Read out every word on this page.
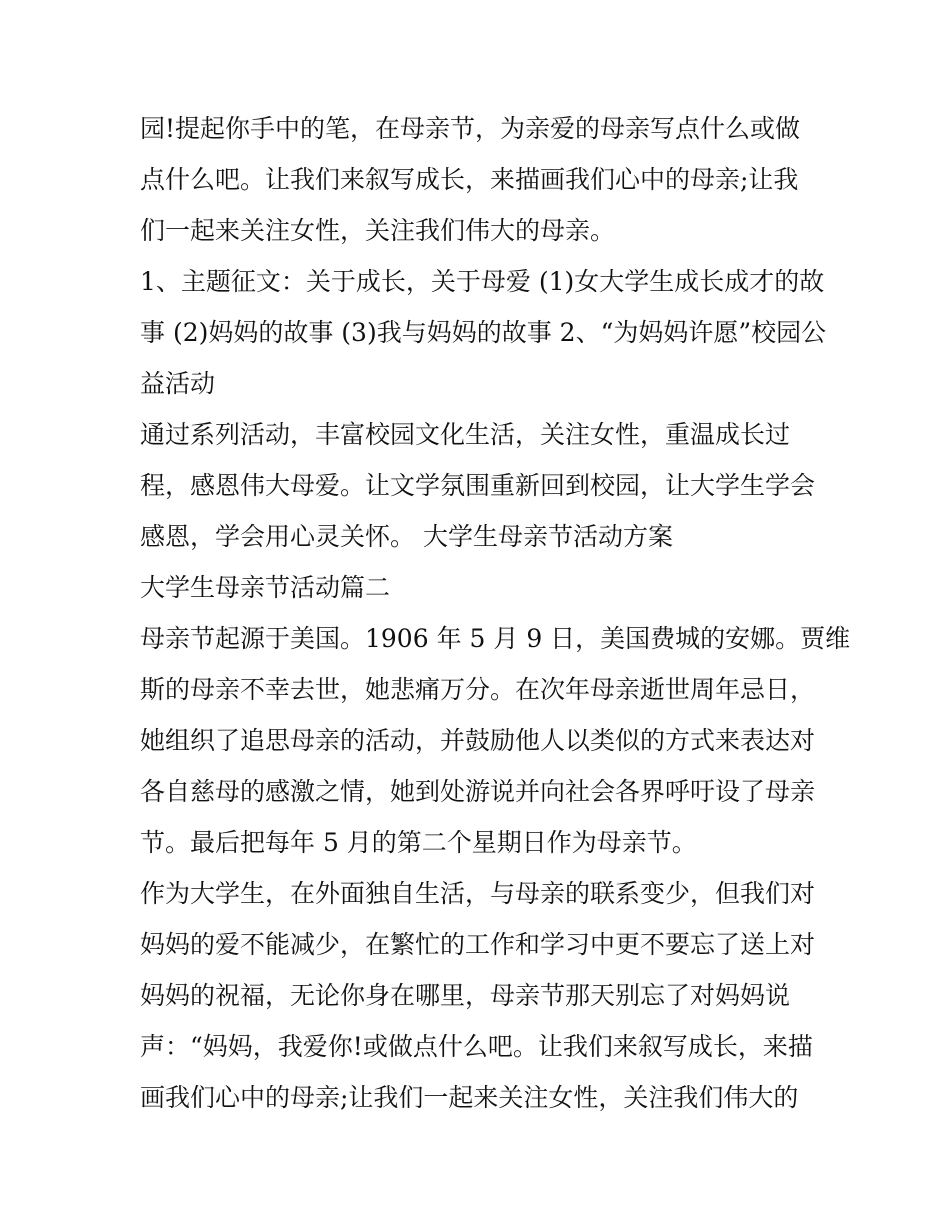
园!提起你手中的笔，在母亲节，为亲爱的母亲写点什么或做
点什么吧。让我们来叙写成长，来描画我们心中的母亲;让我
们一起来关注女性，关注我们伟大的母亲。
1、主题征文：关于成长，关于母爱 (1)女大学生成长成才的故
事 (2)妈妈的故事 (3)我与妈妈的故事 2、“为妈妈许愿”校园公
益活动
通过系列活动，丰富校园文化生活，关注女性，重温成长过
程，感恩伟大母爱。让文学氛围重新回到校园，让大学生学会
感恩，学会用心灵关怀。 大学生母亲节活动方案
大学生母亲节活动篇二
母亲节起源于美国。1906 年 5 月 9 日，美国费城的安娜。贾维
斯的母亲不幸去世，她悲痛万分。在次年母亲逝世周年忌日，
她组织了追思母亲的活动，并鼓励他人以类似的方式来表达对
各自慈母的感激之情，她到处游说并向社会各界呼吁设了母亲
节。最后把每年 5 月的第二个星期日作为母亲节。
作为大学生，在外面独自生活，与母亲的联系变少，但我们对
妈妈的爱不能减少，在繁忙的工作和学习中更不要忘了送上对
妈妈的祝福，无论你身在哪里，母亲节那天别忘了对妈妈说
声：“妈妈，我爱你!或做点什么吧。让我们来叙写成长，来描
画我们心中的母亲;让我们一起来关注女性，关注我们伟大的
